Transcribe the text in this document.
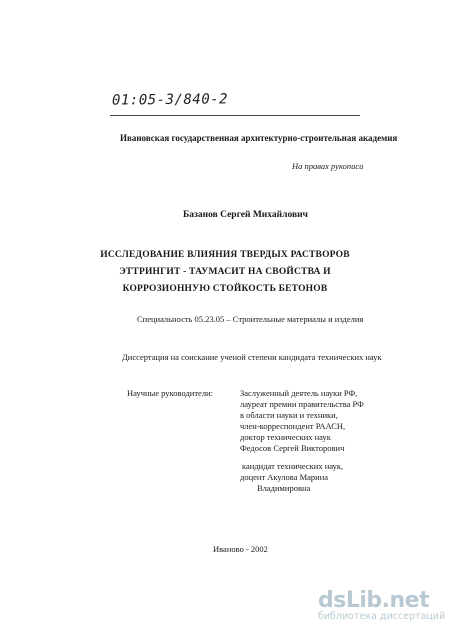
01:05-3/840-2
Ивановская государственная архитектурно-строительная академия
На правах рукописи
Базанов Сергей Михайлович
ИССЛЕДОВАНИЕ ВЛИЯНИЯ ТВЕРДЫХ РАСТВОРОВ
ЭТТРИНГИТ - ТАУМАСИТ НА СВОЙСТВА И
КОРРОЗИОННУЮ СТОЙКОСТЬ БЕТОНОВ
Специальность 05.23.05 – Строительные материалы и изделия
Диссертация на соискание ученой степени кандидата технических наук
Научные руководители:	Заслуженный деятель науки РФ,
лауреат премии правительства РФ
в области науки и техники,
член-корреспондент РААСН,
доктор технических наук
Федосов Сергей Викторович
кандидат технических наук,
доцент Акулова Марина
Владимировна
Иваново - 2002
dsLib.net
библиотека диссертаций
